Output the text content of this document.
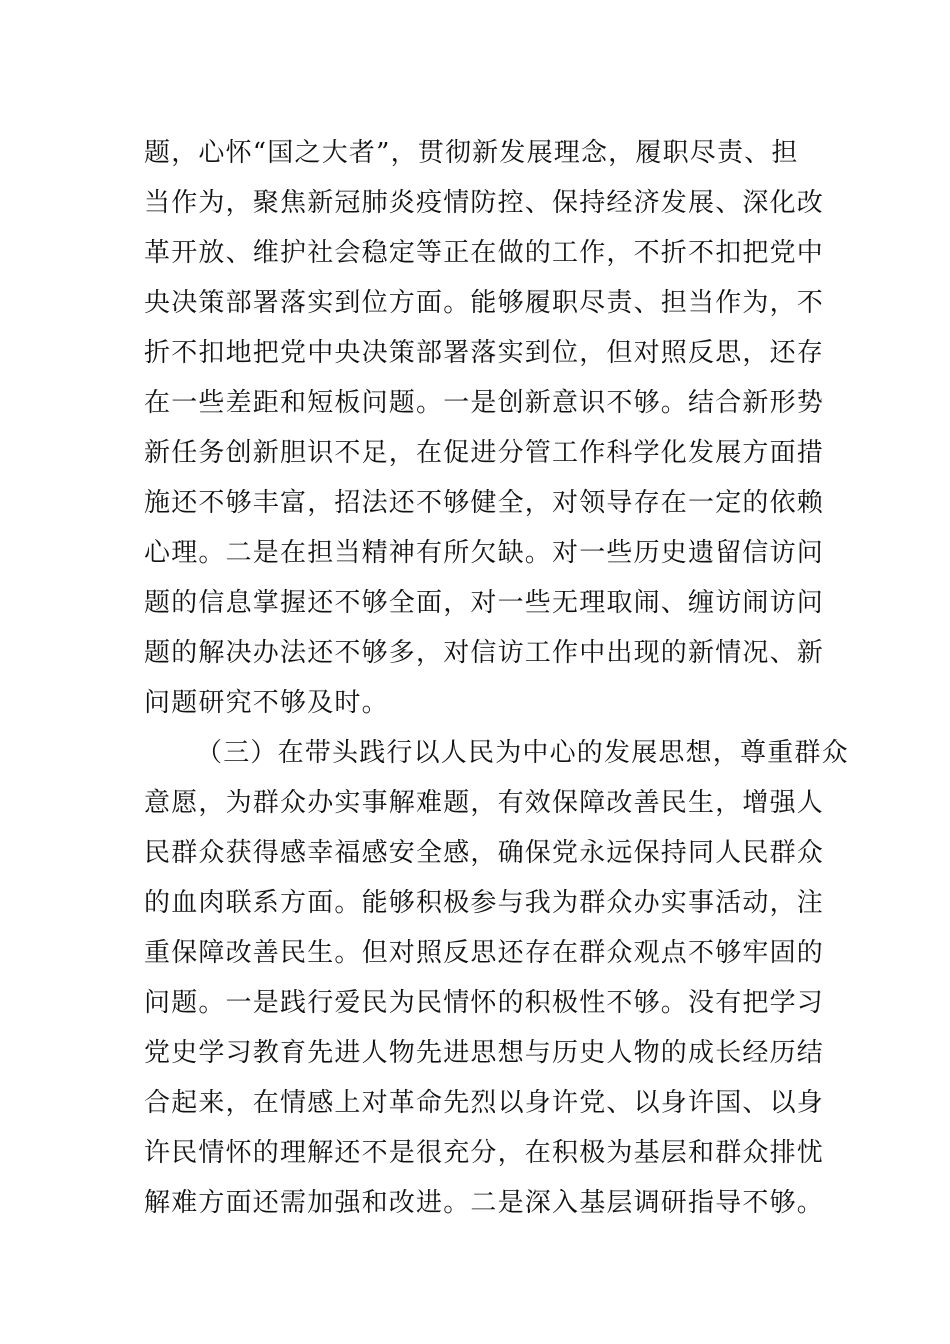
题，心怀“国之大者”，贯彻新发展理念，履职尽责、担
当作为，聚焦新冠肺炎疫情防控、保持经济发展、深化改
革开放、维护社会稳定等正在做的工作，不折不扣把党中
央决策部署落实到位方面。能够履职尽责、担当作为，不
折不扣地把党中央决策部署落实到位，但对照反思，还存
在一些差距和短板问题。一是创新意识不够。结合新形势
新任务创新胆识不足，在促进分管工作科学化发展方面措
施还不够丰富，招法还不够健全，对领导存在一定的依赖
心理。二是在担当精神有所欠缺。对一些历史遗留信访问
题的信息掌握还不够全面，对一些无理取闹、缠访闹访问
题的解决办法还不够多，对信访工作中出现的新情况、新
问题研究不够及时。
（三）在带头践行以人民为中心的发展思想，尊重群众
意愿，为群众办实事解难题，有效保障改善民生，增强人
民群众获得感幸福感安全感，确保党永远保持同人民群众
的血肉联系方面。能够积极参与我为群众办实事活动，注
重保障改善民生。但对照反思还存在群众观点不够牢固的
问题。一是践行爱民为民情怀的积极性不够。没有把学习
党史学习教育先进人物先进思想与历史人物的成长经历结
合起来，在情感上对革命先烈以身许党、以身许国、以身
许民情怀的理解还不是很充分，在积极为基层和群众排忧
解难方面还需加强和改进。二是深入基层调研指导不够。
